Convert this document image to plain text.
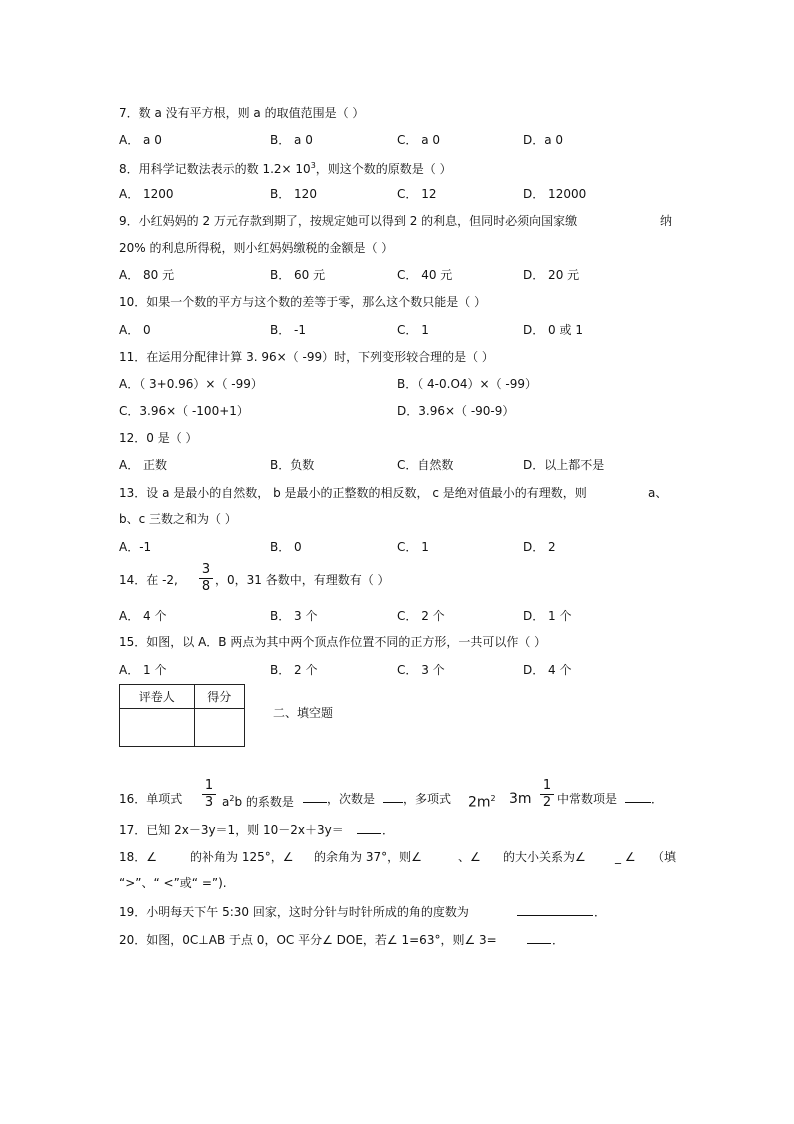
7．数 a 没有平方根，则 a 的取值范围是（ ）
A． a 0	B． a 0	C． a 0	D．a 0
8．用科学记数法表示的数 $1.2\times 10^3$，则这个数的原数是（ ）
A． 1200	B． 120	C． 12	D． 12000
9．小红妈妈的 2 万元存款到期了，按规定她可以得到 2 的利息，但同时必须向国家缴	纳
20% 的利息所得税，则小红妈妈缴税的金额是（ ）
A． 80 元	B． 60 元	C． 40 元	D． 20 元
10．如果一个数的平方与这个数的差等于零，那么这个数只能是（ ）
A． 0	B． -1	C． 1	D． 0 或 1
11．在运用分配律计算 3. 96×（ -99）时，下列变形较合理的是（ ）
A．（ 3+0.96）×（ -99）	B．（ 4-0.O4）×（ -99）
C．3.96×（ -100+1）	D．3.96×（ -90-9）
12．0 是（ ）
A． 正数	B．负数	C．自然数	D．以上都不是
13．设 a 是最小的自然数， b 是最小的正整数的相反数， c 是绝对值最小的有理数，则	a、
b、c 三数之和为（ ）
A．-1	B． 0	C． 1	D． 2
14．在 -2,
3
8 ，0，31 各数中，有理数有（ ）
A． 4 个	B． 3 个	C． 2 个	D． 1 个
15．如图，以 A．B 两点为其中两个顶点作位置不同的正方形，一共可以作（ ）
A． 1 个	B． 2 个	C． 3 个	D． 4 个
评卷人	得分

二、填空题
16．单项式
1
3 $a^2b$ 的系数是	，次数是 ，多项式 $2m^2$ 3m
1
2 中常数项是	．
17．已知 2x－3y＝1，则 10－2x＋3y＝	．
18．∠	的补角为 125°，∠ 的余角为 37°，则∠	、∠ 的大小关系为∠ _ ∠ （填
“>”、“ <”或“ =”).
19．小明每天下午 5:30 回家，这时分针与时针所成的角的度数为	．
20．如图，0C⊥AB 于点 0，OC 平分∠ DOE，若∠ 1=63°，则∠ 3=	．
